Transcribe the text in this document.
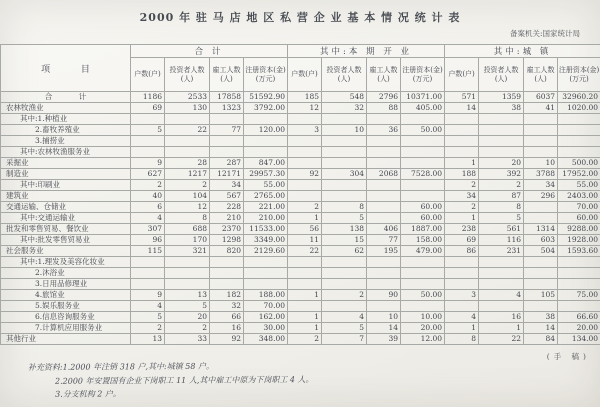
2000 年 驻 马 店 地 区 私 营 企 业 基 本 情 况 统 计 表
备案机关:国家统计局
项 目	合 计				其中:本 期 开 业				其中:城 镇			
	户数(户)	投资者人数(人)	雇工人数(人)	注册资本(金)(万元)	户数(户)	投资者人数(人)	雇工人数(人)	注册资本(金)(万元)	户数(户)	投资者人数(人)	雇工人数(人)	注册资本(金)(万元)
合 计	1186	2533	17858	51592.90	185	548	2796	10371.00	571	1359	6037	32960.20
农林牧渔业	69	130	1323	3792.00	12	32	88	405.00	14	38	41	1020.00
其中:1.种植业												
2.畜牧养殖业	5	22	77	120.00	3	10	36	50.00				
3.捕捞业												
其中:农林牧渔服务业												
采掘业	9	28	287	847.00					1	20	10	500.00
制造业	627	1217	12171	29957.30	92	304	2068	7528.00	188	392	3788	17952.00
其中:印刷业	2	2	34	55.00					2	2	34	55.00
建筑业	40	104	567	2765.00					34	87	296	2403.00
交通运输、仓储业	6	12	228	221.00	2	8		60.00	2	8		70.00
其中:交通运输业	4	8	210	210.00	1	5		60.00	1	5		60.00
批发和零售贸易、餐饮业	307	688	2370	11533.00	56	138	406	1887.00	238	561	1314	9288.00
其中:批发零售贸易业	96	170	1298	3349.00	11	15	77	158.00	69	116	603	1928.00
社会服务业	115	321	820	2129.60	22	62	195	479.00	86	231	504	1593.60
其中:1.理发及美容化妆业												
2.沐浴业												
3.日用品修理业												
4.旅馆业	9	13	182	188.00	1	2	90	50.00	3	4	105	75.00
5.娱乐服务业	4	5	32	70.00								
6.信息咨询服务业	5	20	66	162.00	1	4	10	10.00	4	16	38	66.60
7.计算机应用服务业	2	2	16	30.00	1	5	14	20.00	1	1	14	20.00
其他行业	13	33	92	348.00	2	7	39	12.00	8	22	84	134.00
(手 稿)
补充资料:1.2000 年注销 318 户,其中:城镇 58 户。
2.2000 年安置国有企业下岗职工 11 人,其中雇工中原为下岗职工 4 人。
3.分支机构 2 户。
